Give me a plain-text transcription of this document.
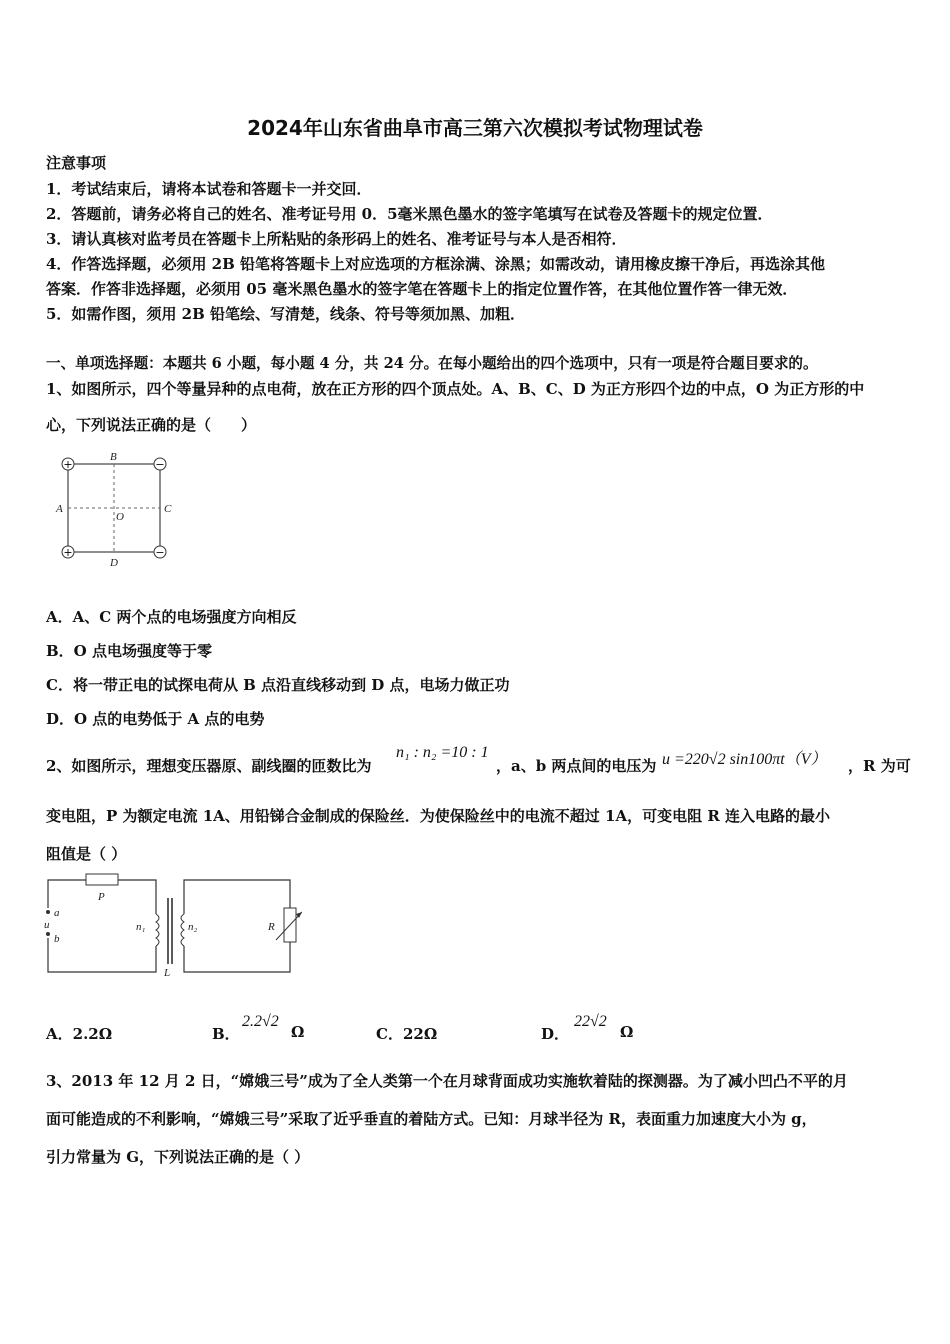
2024年山东省曲阜市高三第六次模拟考试物理试卷
注意事项
1．考试结束后，请将本试卷和答题卡一并交回．
2．答题前，请务必将自己的姓名、准考证号用 0．5毫米黑色墨水的签字笔填写在试卷及答题卡的规定位置．
3．请认真核对监考员在答题卡上所粘贴的条形码上的姓名、准考证号与本人是否相符．
4．作答选择题，必须用 2B 铅笔将答题卡上对应选项的方框涂满、涂黑；如需改动，请用橡皮擦干净后，再选涂其他
答案．作答非选择题，必须用 05 毫米黑色墨水的签字笔在答题卡上的指定位置作答，在其他位置作答一律无效．
5．如需作图，须用 2B 铅笔绘、写清楚，线条、符号等须加黑、加粗．
一、单项选择题：本题共 6 小题，每小题 4 分，共 24 分。在每小题给出的四个选项中，只有一项是符合题目要求的。
1、如图所示，四个等量异种的点电荷，放在正方形的四个顶点处。A、B、C、D 为正方形四个边的中点，O 为正方形的中
心，下列说法正确的是（　　）
+	−
+	−
B
A
O
C
D
A．A、C 两个点的电场强度方向相反
B．O 点电场强度等于零
C．将一带正电的试探电荷从 B 点沿直线移动到 D 点，电场力做正功
D．O 点的电势低于 A 点的电势
2、如图所示，理想变压器原、副线圈的匝数比为
n₁ : n₂ =10 : 1
，a、b 两点间的电压为 u =220√2 sin100πt（V） ，R 为可
变电阻，P 为额定电流 1A、用铅锑合金制成的保险丝．为使保险丝中的电流不超过 1A，可变电阻 R 连入电路的最小
阻值是（ ）
P
a
u
b
n₁	n₂	R
L
A．2.2Ω	B．
2.2√2
Ω	C．22Ω	D．
22√2
Ω
3、2013 年 12 月 2 日，“嫦娥三号”成为了全人类第一个在月球背面成功实施软着陆的探测器。为了减小凹凸不平的月
面可能造成的不利影响，“嫦娥三号”采取了近乎垂直的着陆方式。已知：月球半径为 R，表面重力加速度大小为 g，
引力常量为 G，下列说法正确的是（ ）
